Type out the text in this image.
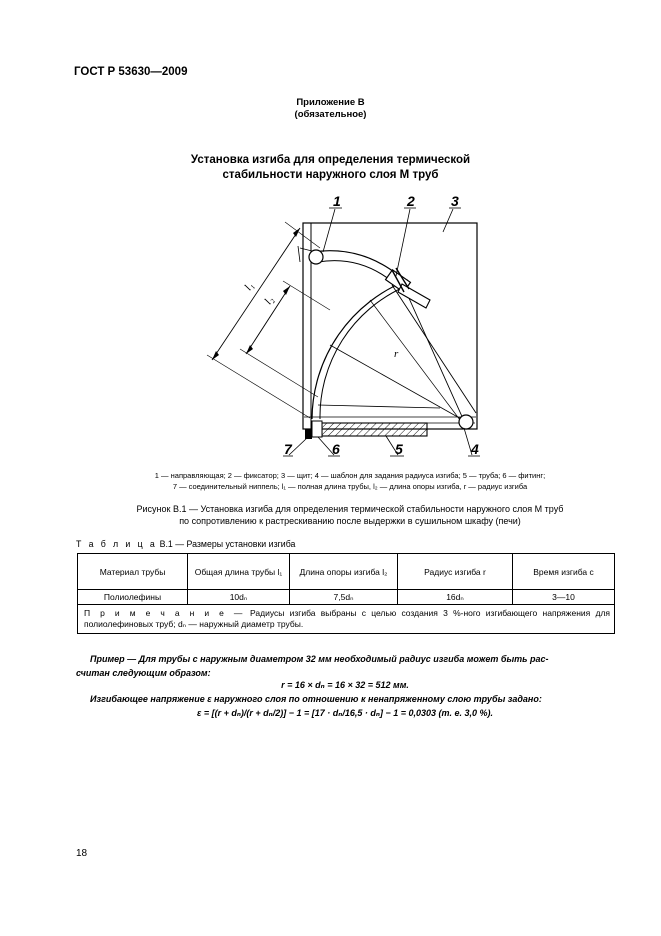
ГОСТ Р 53630—2009
Приложение В
(обязательное)
Установка изгиба для определения термической
стабильности наружного слоя М труб
1	2	3
4
5
6
7
l₁
l₂
r
1 — направляющая; 2 — фиксатор; 3 — щит; 4 — шаблон для задания радиуса изгиба; 5 — труба; 6 — фитинг;
7 — соединительный ниппель; l₁ — полная длина трубы, l₂ — длина опоры изгиба, r — радиус изгиба
Рисунок В.1 — Установка изгиба для определения термической стабильности наружного слоя М труб
по сопротивлению к растрескиванию после выдержки в сушильном шкафу (печи)
Т а б л и ц а В.1 — Размеры установки изгиба
Материал трубы	Общая длина трубы l₁	Длина опоры изгиба l₂	Радиус изгиба r	Время изгиба с
Полиолефины	10dₙ	7,5dₙ	16dₙ	3—10
П р и м е ч а н и е — Радиусы изгиба выбраны с целью создания 3 %-ного изгибающего напряжения для полиолефиновых труб; dₙ — наружный диаметр трубы.				
Пример — Для трубы с наружным диаметром 32 мм необходимый радиус изгиба может быть рас-
считан следующим образом:
r = 16 × dₙ = 16 × 32 = 512 мм.
Изгибающее напряжение ε наружного слоя по отношению к ненапряженному слою трубы задано:
ε = [(r + dₙ)/(r + dₙ/2)] − 1 = [17 · dₙ/16,5 · dₙ] − 1 = 0,0303 (т. е. 3,0 %).
18
